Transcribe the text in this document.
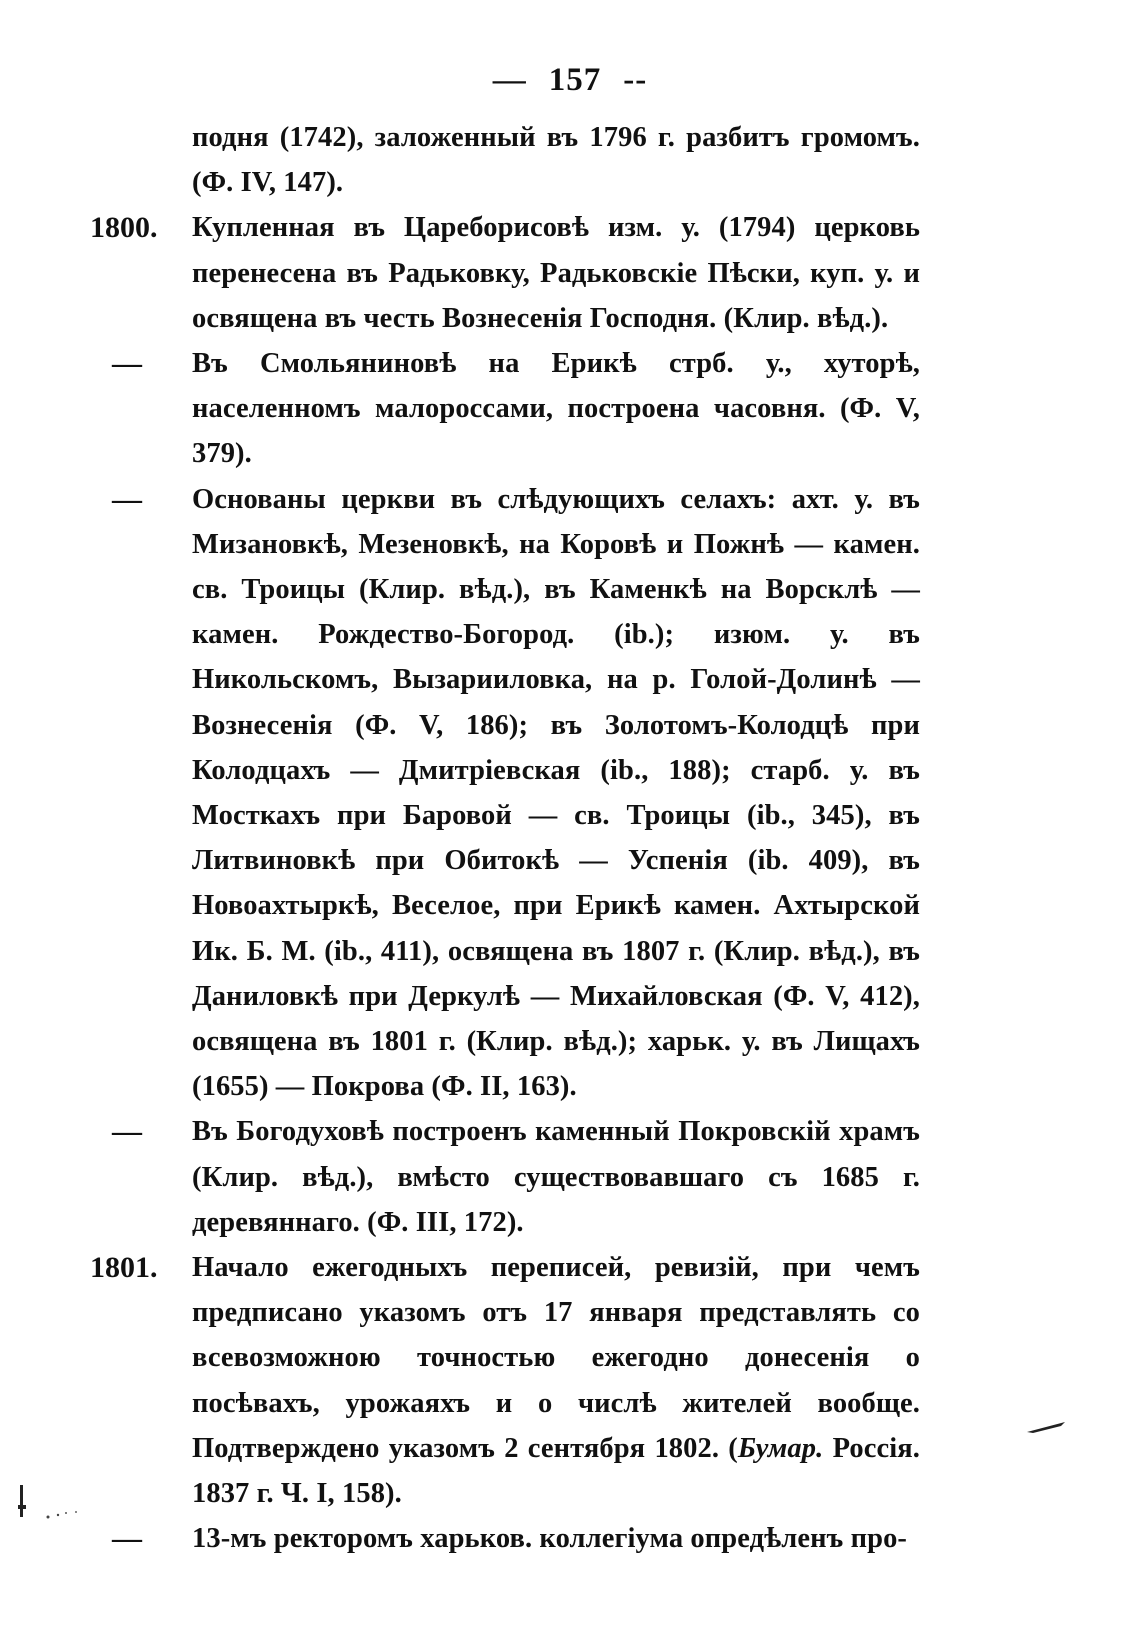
— 157 --
подня (1742), заложенный въ 1796 г. разбитъ громомъ. (Ф. IV, 147).
1800.	Купленная въ Цареборисовѣ изм. у. (1794) церковь перенесена въ Радьковку, Радьковскіе Пѣски, куп. у. и освящена въ честь Вознесенія Господня. (Клир. вѣд.).
—	Въ Смольяниновѣ на Ерикѣ стрб. у., хуторѣ, населенномъ малороссами, построена часовня. (Ф. V, 379).
—	Основаны церкви въ слѣдующихъ селахъ: ахт. у. въ Мизановкѣ, Мезеновкѣ, на Коровѣ и Пожнѣ — камен. св. Троицы (Клир. вѣд.), въ Каменкѣ на Ворсклѣ — камен. Рождество-Богород. (ib.); изюм. у. въ Никольскомъ, Вызарииловка, на р. Голой-Долинѣ — Вознесенія (Ф. V, 186); въ Золотомъ-Колодцѣ при Колодцахъ — Дмитріевская (ib., 188); старб. у. въ Мосткахъ при Баровой — св. Троицы (ib., 345), въ Литвиновкѣ при Обитокѣ — Успенія (ib. 409), въ Новоахтыркѣ, Веселое, при Ерикѣ камен. Ахтырской Ик. Б. М. (ib., 411), освящена въ 1807 г. (Клир. вѣд.), въ Даниловкѣ при Деркулѣ — Михайловская (Ф. V, 412), освящена въ 1801 г. (Клир. вѣд.); харьк. у. въ Лищахъ (1655) — Покрова (Ф. II, 163).
—	Въ Богодуховѣ построенъ каменный Покровскій храмъ (Клир. вѣд.), вмѣсто существовавшаго съ 1685 г. деревяннаго. (Ф. III, 172).
1801.	Начало ежегодныхъ переписей, ревизій, при чемъ предписано указомъ отъ 17 января представлять со всевозможною точностью ежегодно донесенія о посѣвахъ, урожаяхъ и о числѣ жителей вообще. Подтверждено указомъ 2 сентября 1802. (Бумар. Россія. 1837 г. Ч. I, 158).
—	13-мъ ректоромъ харьков. коллегіума опредѣленъ про-
